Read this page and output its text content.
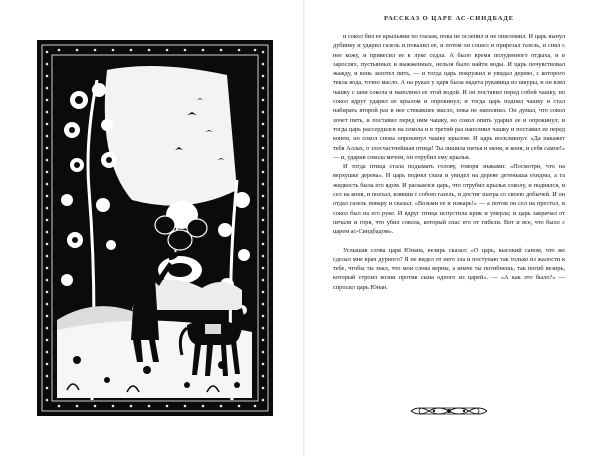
РАССКАЗ О ЦАРЕ АС-СИНДБАДЕ

и сокол бил ее крыльями по глазам, пока не ослепил и не ошеломил. И царь вынул дубинку и ударил газель и повалил ее, и потом он сошел и прирезал газель, и снял с нее кожу, и привесил ее к луке седла. А было время полуденного отдыха, и в зарослях, пустынных и выжженных, нельзя было найти воды. И царь почувствовал жажду, и конь захотел пить, — и тогда царь покружил и увидал дерево, с которого текла вода, точно масло. А на руках у царя была надета рукавица из шкуры, и он взял чашку с шеи сокола и наполнил ее этой водой. И он поставил перед собой чашку, но сокол вдруг ударил ее крылом и опрокинул; и тогда царь поднял чашку и стал набирать второй раз в нее стекавшее масло, пока не наполнил. Он думал, что сокол хочет пить, и поставил перед ним чашку, но сокол опять ударил ее и опрокинул; и тогда царь рассердился на сокола и в третий раз наполнил чашку и поставил ее перед конем, но сокол снова опрокинул чашку крылом. И царь воскликнул: «Да накажет тебя Аллах, о злосчастнейшая птица! Ты лишила питья и меня, и коня, и себя самое!» — и, ударив сокола мечом, он отрубил ему крылья.

И тогда птица стала подымать голову, говоря знаками: «Посмотри, что на верхушке дерева». И царь поднял глаза и увидел на дереве детеныша ехидны, а та жидкость была его ядом. И раскаялся царь, что отрубил крылья соколу, и поднялся, и сел на коня, и поехал, взявши с собою газель, и достиг шатра со своею добычей. И он отдал газель повару и сказал: «Возьми ее и изжарь!» — а потом он сел на престол, и сокол был на его руке. И вдруг птица испустила крик и умерла; и царь закричал от печали и горя, что убил сокола, который спас его от гибели. Вот и все, что было с царем ас-Синдбадом».

Услышав слова царя Юнана, везирь сказал: «О царь, высокий саном, что же сделал мне врач дурного? Я не видел от него зла и поступаю так только из жалости к тебе, чтобы ты знал, что мои слова верны, а иначе ты погибнешь, так погиб везирь, который строил козни против сына одного из царей». — «А как это было?» — спросил царь Юнан.
